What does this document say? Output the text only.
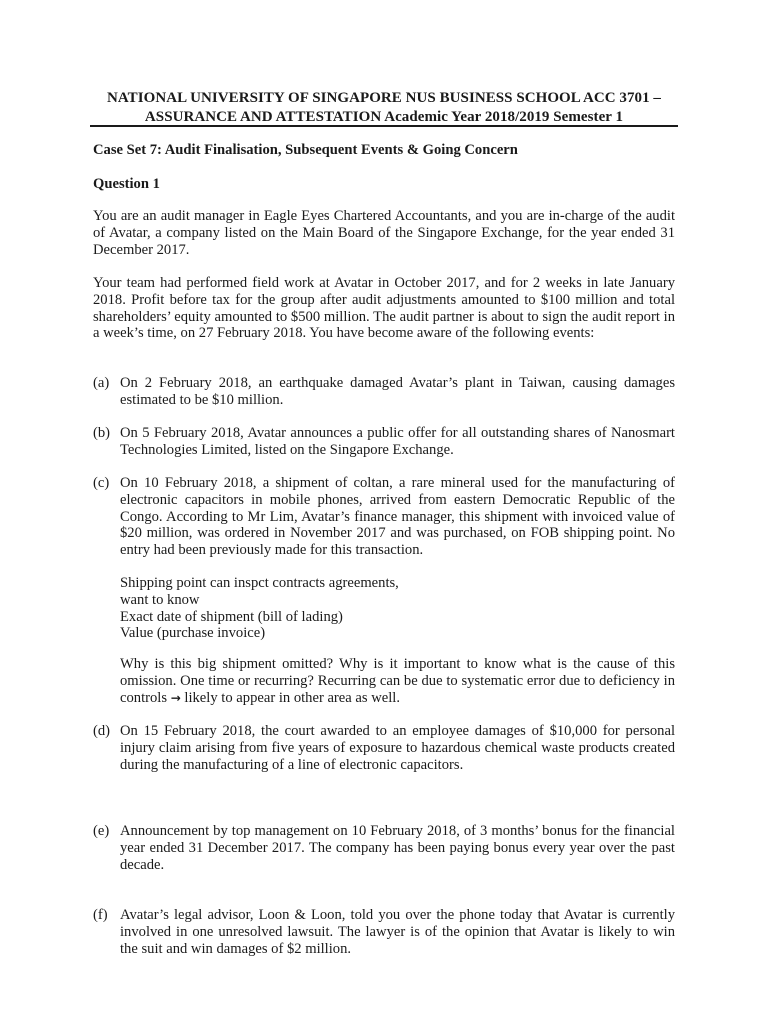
NATIONAL UNIVERSITY OF SINGAPORE NUS BUSINESS SCHOOL ACC 3701 –
ASSURANCE AND ATTESTATION Academic Year 2018/2019 Semester 1
Case Set 7: Audit Finalisation, Subsequent Events & Going Concern
Question 1

You are an audit manager in Eagle Eyes Chartered Accountants, and you are in-charge of the audit of Avatar, a company listed on the Main Board of the Singapore Exchange, for the year ended 31 December 2017.

Your team had performed field work at Avatar in October 2017, and for 2 weeks in late January 2018. Profit before tax for the group after audit adjustments amounted to $100 million and total shareholders’ equity amounted to $500 million. The audit partner is about to sign the audit report in a week’s time, on 27 February 2018. You have become aware of the following events:

(a) On 2 February 2018, an earthquake damaged Avatar’s plant in Taiwan, causing damages estimated to be $10 million.
(b) On 5 February 2018, Avatar announces a public offer for all outstanding shares of Nanosmart Technologies Limited, listed on the Singapore Exchange.
(c) On 10 February 2018, a shipment of coltan, a rare mineral used for the manufacturing of electronic capacitors in mobile phones, arrived from eastern Democratic Republic of the Congo. According to Mr Lim, Avatar’s finance manager, this shipment with invoiced value of $20 million, was ordered in November 2017 and was purchased, on FOB shipping point. No entry had been previously made for this transaction.
Shipping point can inspct contracts agreements,
want to know
Exact date of shipment (bill of lading)
Value (purchase invoice)

Why is this big shipment omitted? Why is it important to know what is the cause of this omission. One time or recurring? Recurring can be due to systematic error due to deficiency in controls → likely to appear in other area as well.

(d) On 15 February 2018, the court awarded to an employee damages of $10,000 for personal injury claim arising from five years of exposure to hazardous chemical waste products created during the manufacturing of a line of electronic capacitors.
(e) Announcement by top management on 10 February 2018, of 3 months’ bonus for the financial year ended 31 December 2017. The company has been paying bonus every year over the past decade.
(f) Avatar’s legal advisor, Loon & Loon, told you over the phone today that Avatar is currently involved in one unresolved lawsuit. The lawyer is of the opinion that Avatar is likely to win the suit and win damages of $2 million.
